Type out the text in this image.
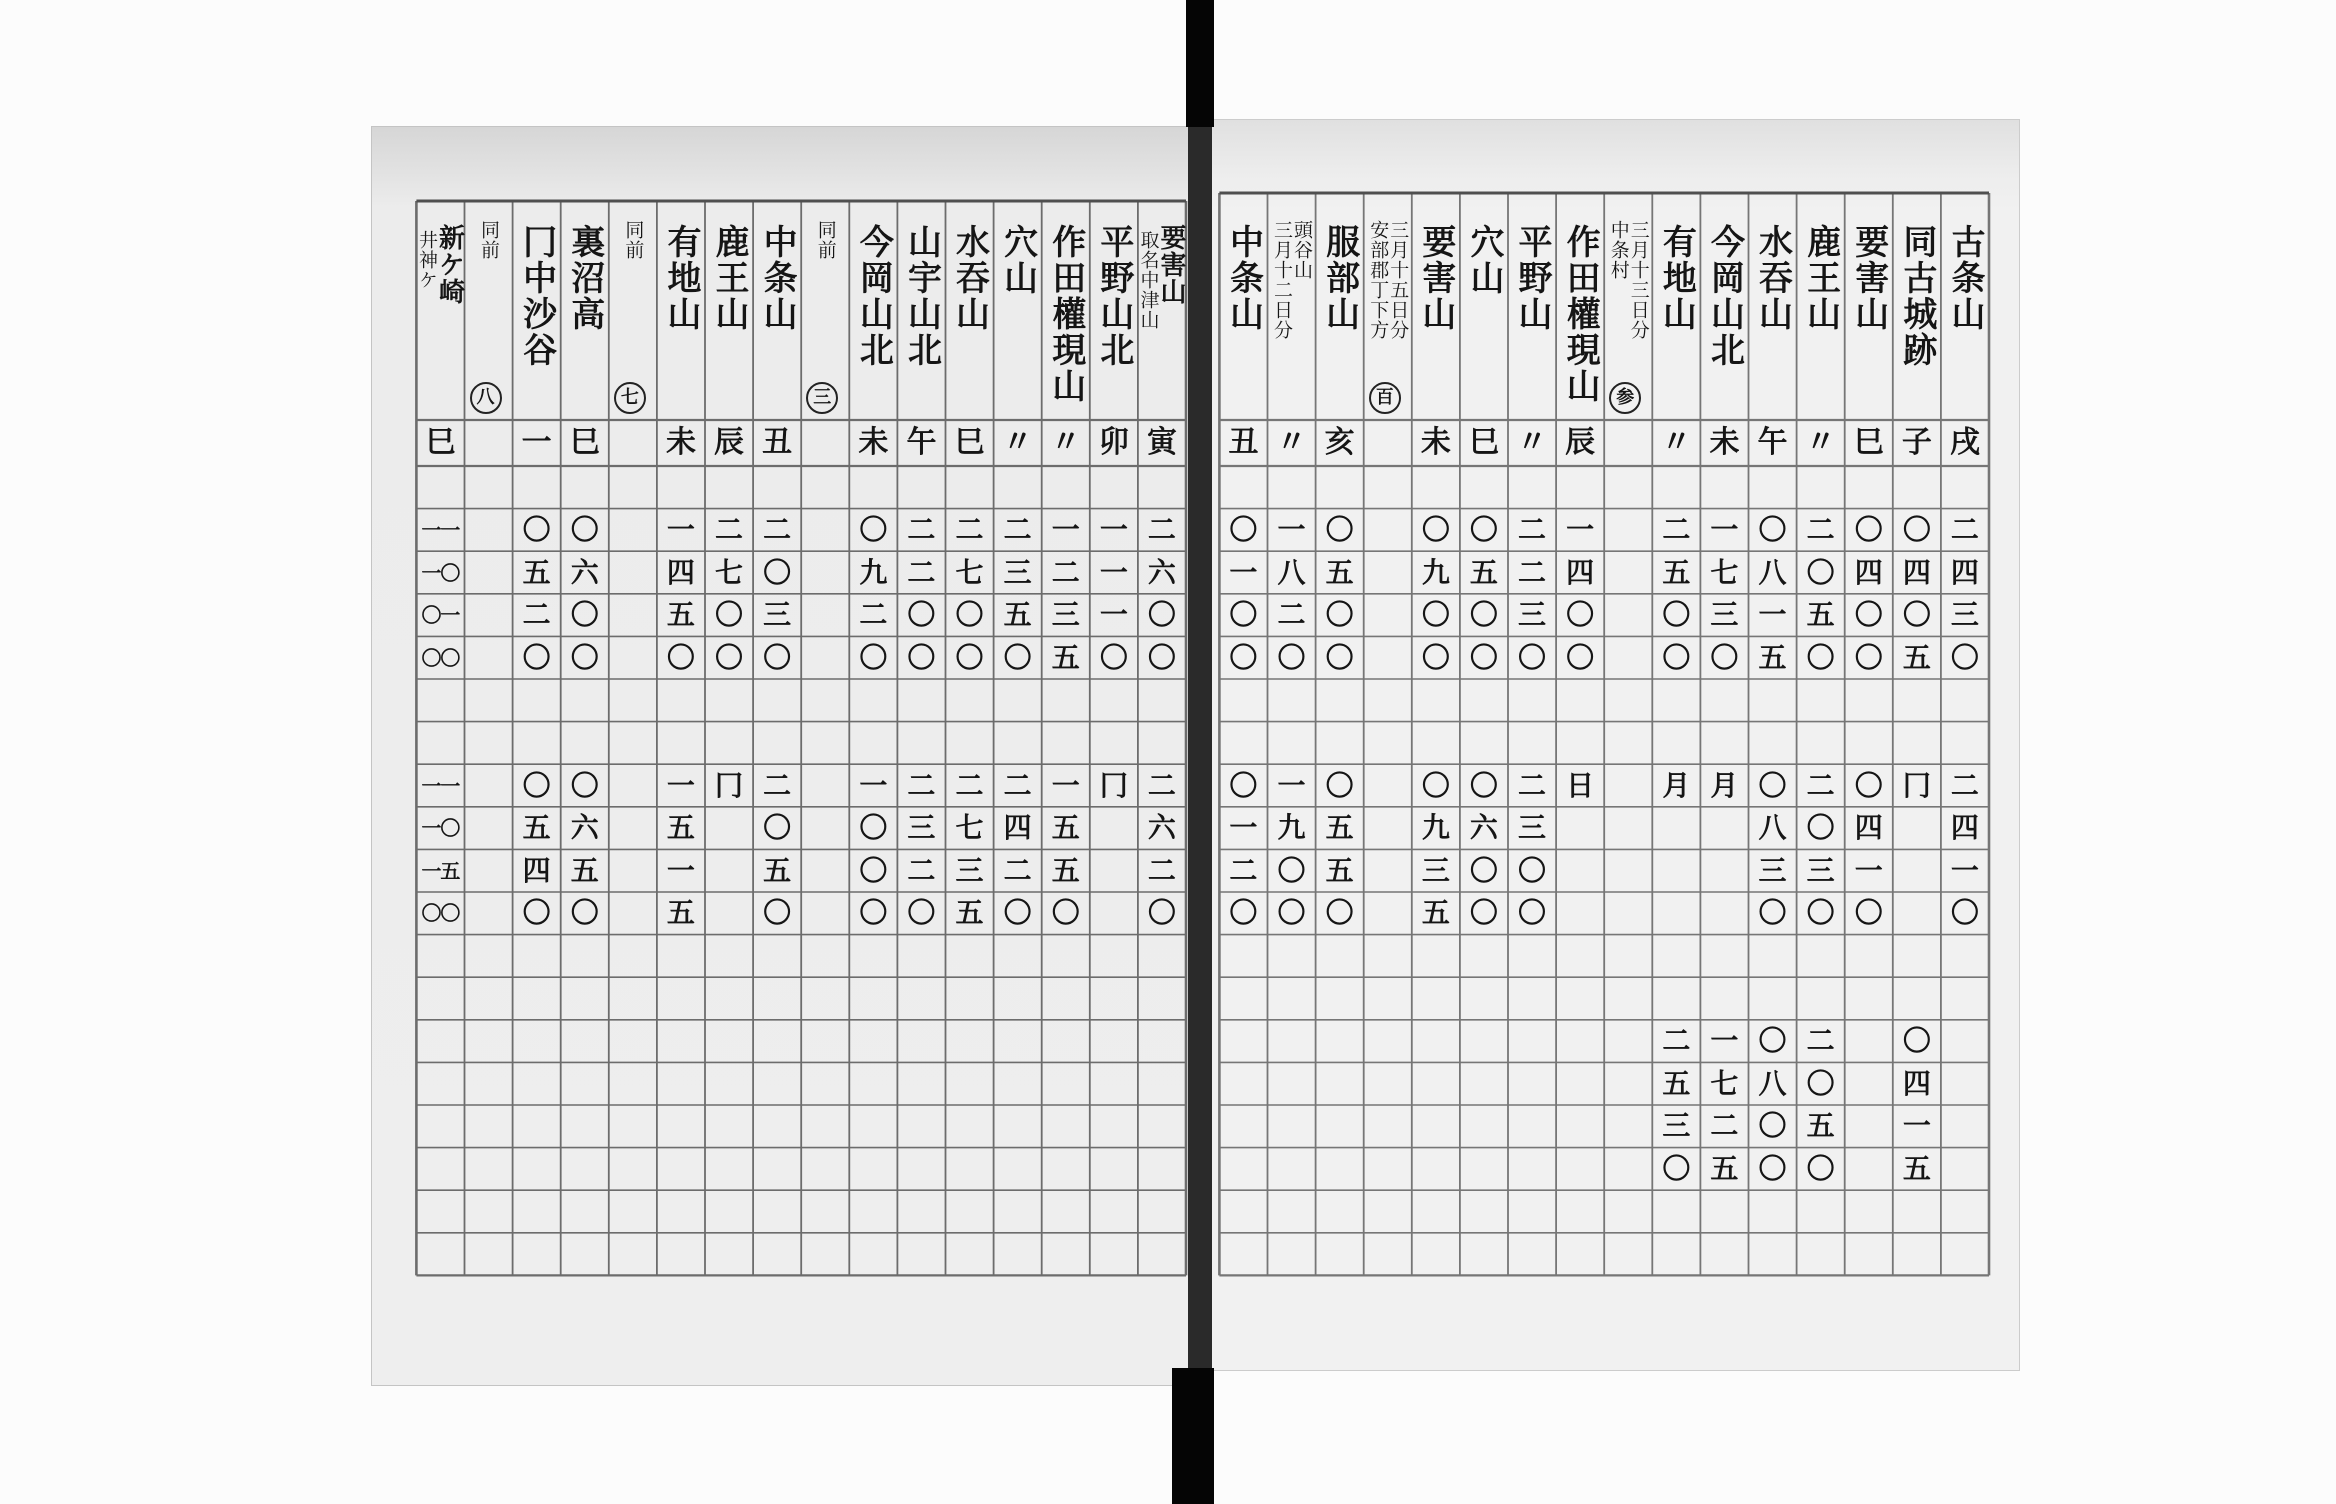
要害山
取名中津山
寅
二
六
〇
〇
二
六
二
〇
平野山北
卯
一
一
一
〇
冂
作田權現山
〃
一
二
三
五
一
五
五
〇
穴山
〃
二
三
五
〇
二
四
二
〇
水吞山
巳
二
七
〇
〇
二
七
三
五
山宇山北
午
二
二
〇
〇
二
三
二
〇
今岡山北
未
〇
九
二
〇
一
〇
〇
〇
同前
三
中条山
丑
二
〇
三
〇
二
〇
五
〇
鹿王山
辰
二
七
〇
〇
冂
有地山
未
一
四
五
〇
一
五
一
五
同前
七
裏沼高
巳
〇
六
〇
〇
〇
六
五
〇
冂中沙谷
一
〇
五
二
〇
〇
五
四
〇
同前
八
新ケ崎
井神ケ
巳
一一
一〇
〇一
〇〇
一一
一〇
一五
〇〇
古条山
戌
二
四
三
〇
二
四
一
〇
同古城跡
子
〇
四
〇
五
冂
〇
四
一
五
要害山
巳
〇
四
〇
〇
〇
四
一
〇
鹿王山
〃
二
〇
五
〇
二
〇
三
〇
二
〇
五
〇
水吞山
午
〇
八
一
五
〇
八
三
〇
〇
八
〇
〇
今岡山北
未
一
七
三
〇
月
一
七
二
五
有地山
〃
二
五
〇
〇
月
二
五
三
〇
三月十三日分
中条村
参
作田權現山
辰
一
四
〇
〇
日
平野山
〃
二
二
三
〇
二
三
〇
〇
穴山
巳
〇
五
〇
〇
〇
六
〇
〇
要害山
未
〇
九
〇
〇
〇
九
三
五
三月十五日分
安部郡丁下方
百
服部山
亥
〇
五
〇
〇
〇
五
五
〇
頭谷山
三月十二日分
〃
一
八
二
〇
一
九
〇
〇
中条山
丑
〇
一
〇
〇
〇
一
二
〇
